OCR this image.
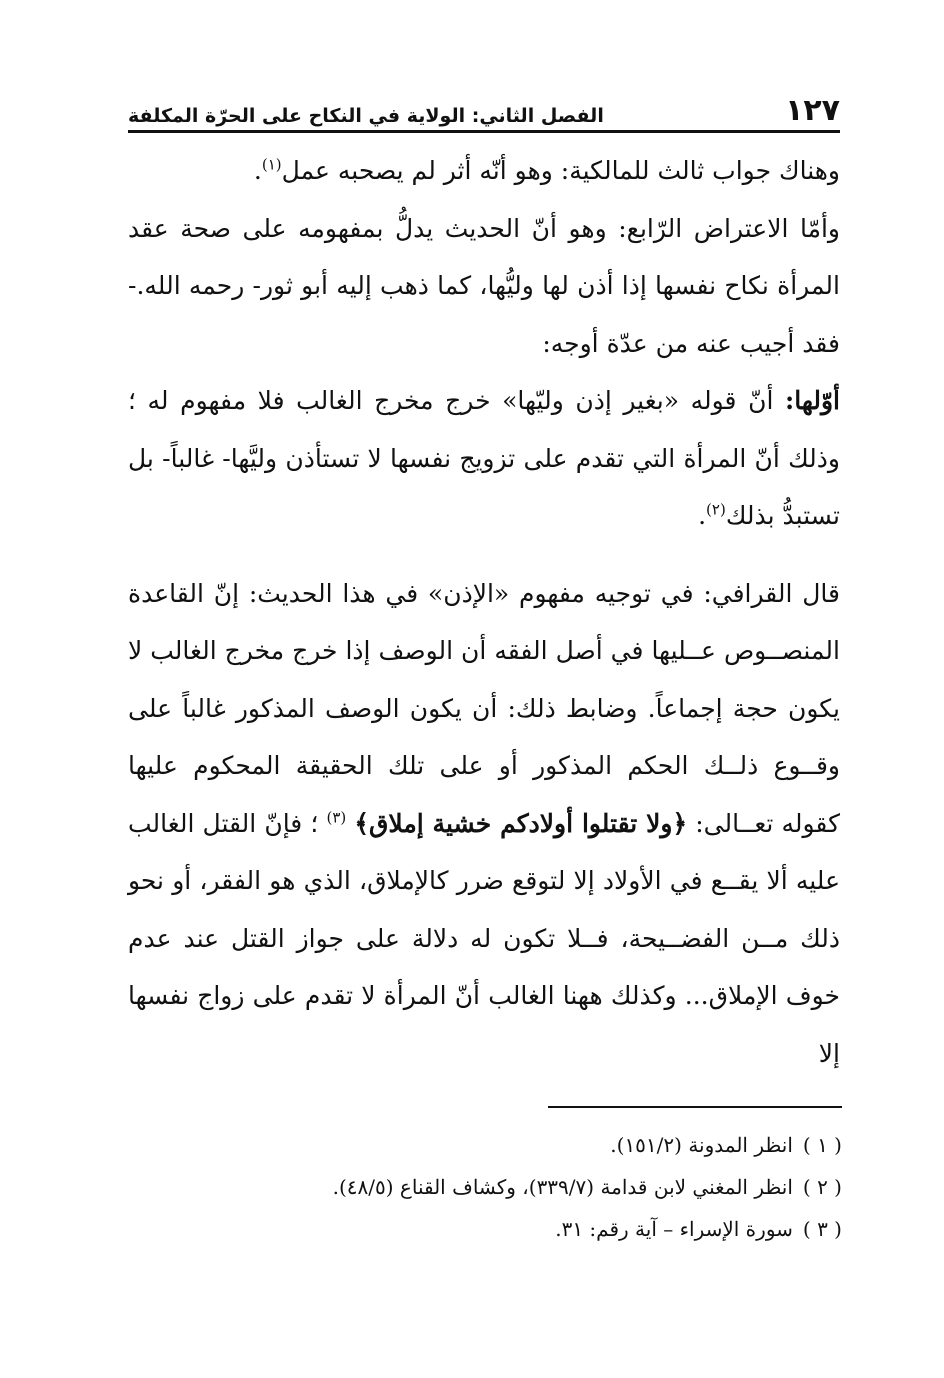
١٢٧
الفصل الثاني: الولاية في النكاح على الحرّة المكلفة

وهناك جواب ثالث للمالكية: وهو أنّه أثر لم يصحبه عمل$^{(١)}$.

وأمّا الاعتراض الرّابع: وهو أنّ الحديث يدلُّ بمفهومه على صحة عقد المرأة نكاح نفسها إذا أذن لها وليُّها، كما ذهب إليه أبو ثور- رحمه الله.- فقد أجيب عنه من عدّة أوجه:

أوّلها: أنّ قوله «بغير إذن وليّها» خرج مخرج الغالب فلا مفهوم له ؛ وذلك أنّ المرأة التي تقدم على تزويج نفسها لا تستأذن وليَّها- غالباً- بل تستبدُّ بذلك$^{(٢)}$.

قال القرافي: في توجيه مفهوم «الإذن» في هذا الحديث: إنّ القاعدة المنصــوص عــليها في أصل الفقه أن الوصف إذا خرج مخرج الغالب لا يكون حجة إجماعاً. وضابط ذلك: أن يكون الوصف المذكور غالباً على وقــوع ذلــك الحكم المذكور أو على تلك الحقيقة المحكوم عليها كقوله تعــالى: ﴿ولا تقتلوا أولادكم خشية إملاق﴾ $^{(٣)}$ ؛ فإنّ القتل الغالب عليه ألا يقــع في الأولاد إلا لتوقع ضرر كالإملاق، الذي هو الفقر، أو نحو ذلك مــن الفضــيحة، فــلا تكون له دلالة على جواز القتل عند عدم خوف الإملاق... وكذلك ههنا الغالب أنّ المرأة لا تقدم على زواج نفسها إلا

( ١ )انظر المدونة (١٥١/٢).
( ٢ )انظر المغني لابن قدامة (٣٣٩/٧)، وكشاف القناع (٤٨/٥).
( ٣ )سورة الإسراء – آية رقم: ٣١.
